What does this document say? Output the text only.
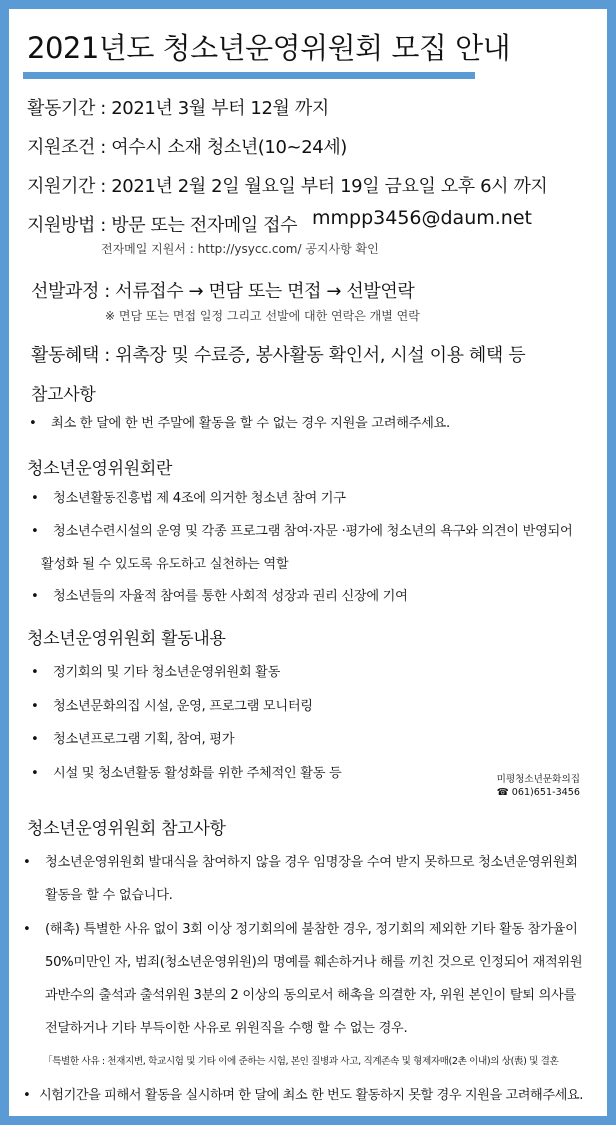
2021년도 청소년운영위원회 모집 안내
활동기간 : 2021년 3월 부터 12월 까지
지원조건 : 여수시 소재 청소년(10~24세)
지원기간 : 2021년 2월 2일 월요일 부터 19일 금요일 오후 6시 까지
지원방법 : 방문 또는 전자메일 접수 mmpp3456@daum.net
전자메일 지원서 : http://ysycc.com/ 공지사항 확인
선발과정 : 서류접수 → 면담 또는 면접 → 선발연락
※ 면담 또는 면접 일정 그리고 선발에 대한 연락은 개별 연락
활동혜택 : 위촉장 및 수료증, 봉사활동 확인서, 시설 이용 혜택 등
참고사항
• 최소 한 달에 한 번 주말에 활동을 할 수 없는 경우 지원을 고려해주세요.
청소년운영위원회란
• 청소년활동진흥법 제 4조에 의거한 청소년 참여 기구
• 청소년수련시설의 운영 및 각종 프로그램 참여·자문 ·평가에 청소년의 욕구와 의견이 반영되어
활성화 될 수 있도록 유도하고 실천하는 역할
• 청소년들의 자율적 참여를 통한 사회적 성장과 권리 신장에 기여
청소년운영위원회 활동내용
• 정기회의 및 기타 청소년운영위원회 활동
• 청소년문화의집 시설, 운영, 프로그램 모니터링
• 청소년프로그램 기획, 참여, 평가
• 시설 및 청소년활동 활성화를 위한 주체적인 활동 등	미평청소년문화의집
☎ 061)651-3456
청소년운영위원회 참고사항
• 청소년운영위원회 발대식을 참여하지 않을 경우 임명장을 수여 받지 못하므로 청소년운영위원회
활동을 할 수 없습니다.
• (해촉) 특별한 사유 없이 3회 이상 정기회의에 불참한 경우, 정기회의 제외한 기타 활동 참가율이
50%미만인 자, 범죄(청소년운영위원)의 명예를 훼손하거나 해를 끼친 것으로 인정되어 재적위원
과반수의 출석과 출석위원 3분의 2 이상의 동의로서 해촉을 의결한 자, 위원 본인이 탈퇴 의사를
전달하거나 기타 부득이한 사유로 위원직을 수행 할 수 없는 경우.
「특별한 사유 : 천재지변, 학교시험 및 기타 이에 준하는 시험, 본인 질병과 사고, 직계존속 및 형제자매(2촌 이내)의 상(喪) 및 결혼
• 시험기간을 피해서 활동을 실시하며 한 달에 최소 한 번도 활동하지 못할 경우 지원을 고려해주세요.
